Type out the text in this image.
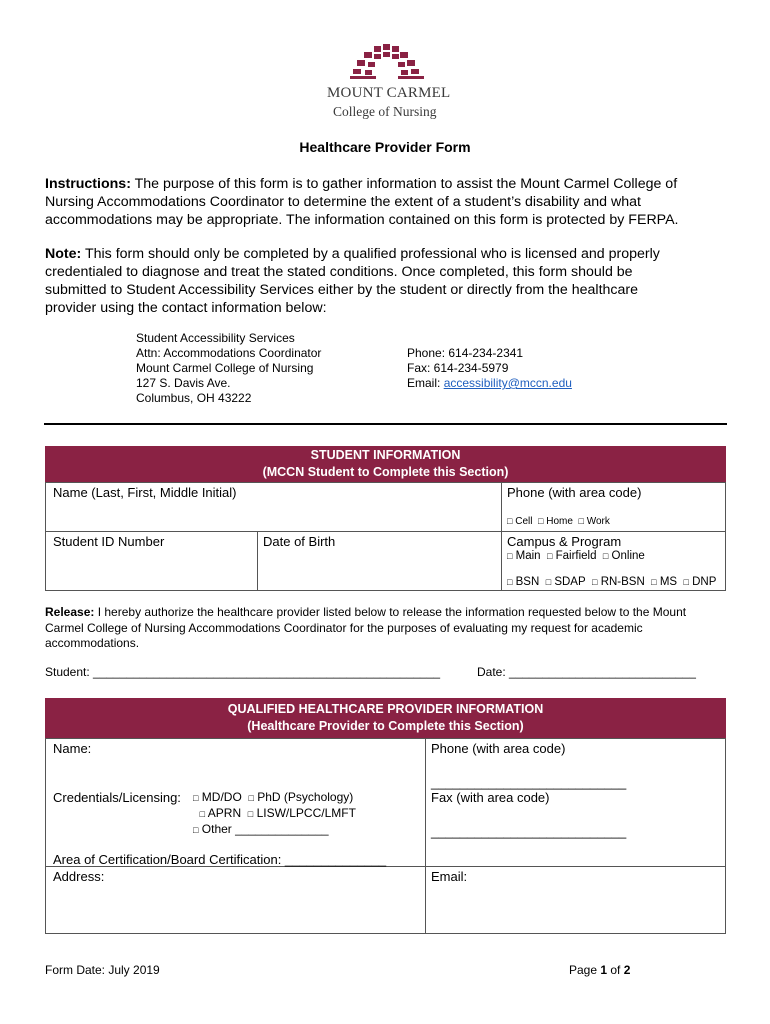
MOUNT CARMEL
College of Nursing
Healthcare Provider Form
Instructions: The purpose of this form is to gather information to assist the Mount Carmel College of
Nursing Accommodations Coordinator to determine the extent of a student’s disability and what
accommodations may be appropriate. The information contained on this form is protected by FERPA.
Note: This form should only be completed by a qualified professional who is licensed and properly
credentialed to diagnose and treat the stated conditions. Once completed, this form should be
submitted to Student Accessibility Services either by the student or directly from the healthcare
provider using the contact information below:
Student Accessibility Services
Attn: Accommodations Coordinator
Mount Carmel College of Nursing
127 S. Davis Ave.
Columbus, OH 43222
Phone: 614-234-2341
Fax: 614-234-5979
Email: accessibility@mccn.edu
STUDENT INFORMATION
(MCCN Student to Complete this Section)
Name (Last, First, Middle Initial)	Phone (with area code)
□ Cell □ Home □ Work
Student ID Number	Date of Birth	Campus & Program
□ Main □ Fairfield □ Online
□ BSN □ SDAP □ RN-BSN □ MS □ DNP
Release: I hereby authorize the healthcare provider listed below to release the information requested below to the Mount
Carmel College of Nursing Accommodations Coordinator for the purposes of evaluating my request for academic
accommodations.
Student: ____________________________________________________	Date: ____________________________
QUALIFIED HEALTHCARE PROVIDER INFORMATION
(Healthcare Provider to Complete this Section)
Name:	Phone (with area code)
___________________________
Credentials/Licensing: □ MD/DO □ PhD (Psychology)
□ APRN □ LISW/LPCC/LMFT
□ Other ______________
Fax (with area code)
___________________________
Area of Certification/Board Certification: ______________
Address:	Email:
Form Date: July 2019	Page 1 of 2
